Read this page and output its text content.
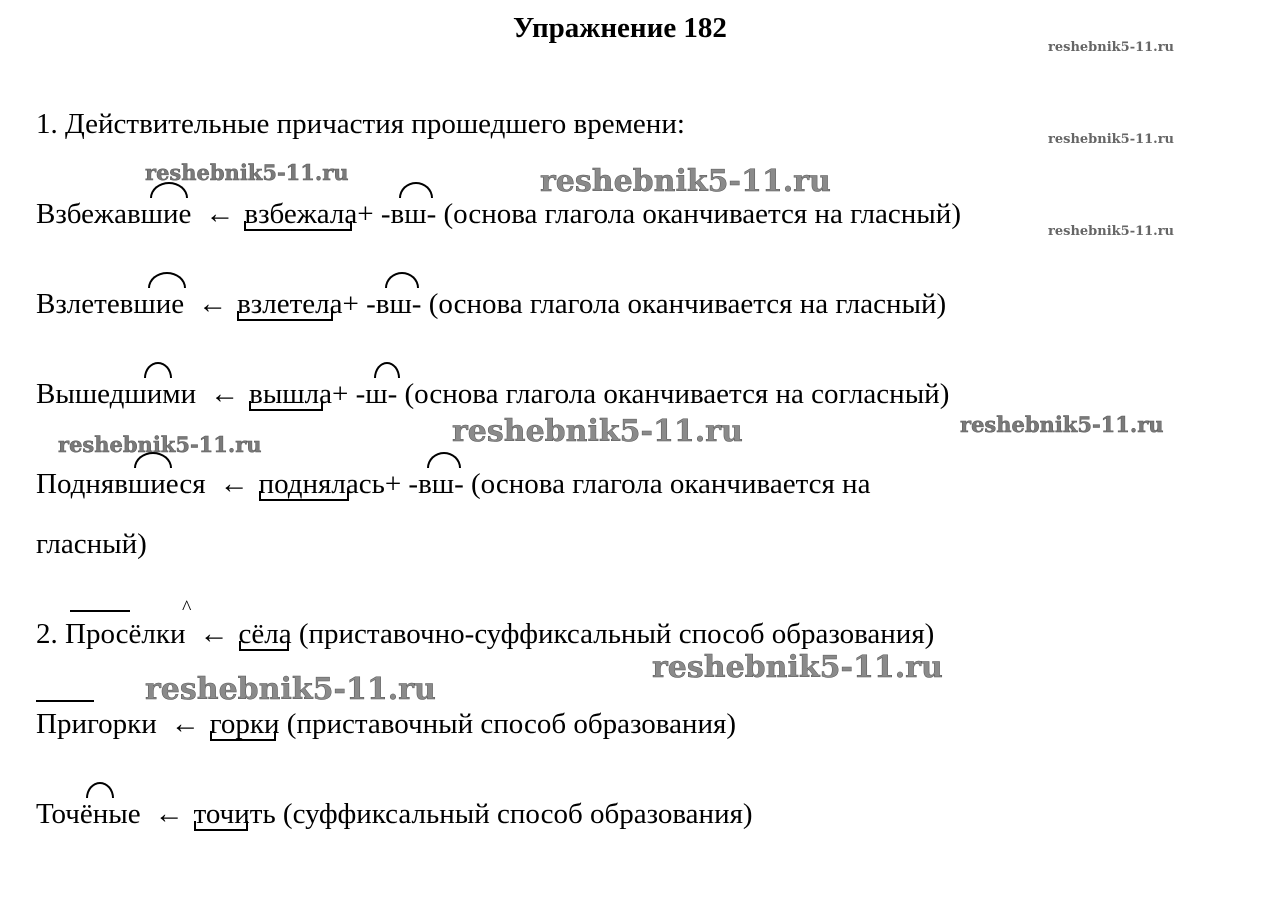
Упражнение 182
reshebnik5-11.ru
reshebnik5-11.ru
reshebnik5-11.ru	reshebnik5-11.ru
reshebnik5-11.ru
reshebnik5-11.ru	reshebnik5-11.ru	reshebnik5-11.ru
reshebnik5-11.ru
reshebnik5-11.ru
1. Действительные причастия прошедшего времени:
Взбежавшие ← взбежала
+ -вш- (основа глагола оканчивается на гласный)
Взлетевшие ← взлетела
+ -вш- (основа глагола оканчивается на гласный)
Вышедшими ← вышла
+ -ш- (основа глагола оканчивается на согласный)
Поднявшиеся ← поднялась
+ -вш- (основа глагола оканчивается на
гласный)
2. Просёлки
^
← сёла
(приставочно-суффиксальный способ образования)
Пригорки ← горки
(приставочный способ образования)
Точёные ← точить
(суффиксальный способ образования)
